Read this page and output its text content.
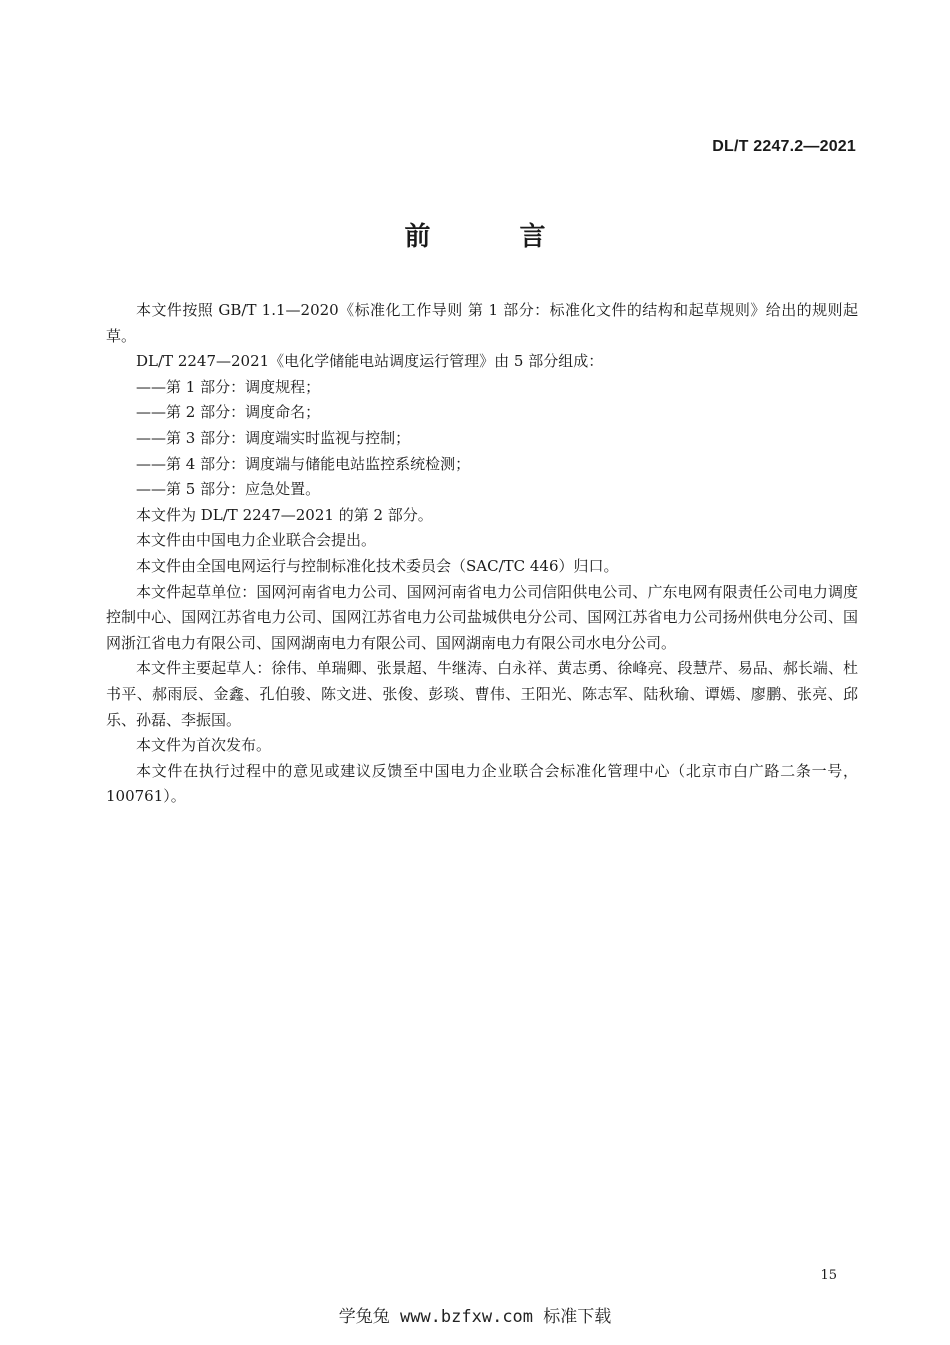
DL/T 2247.2—2021
前 言

本文件按照 GB/T 1.1—2020《标准化工作导则 第 1 部分：标准化文件的结构和起草规则》给出的规则起草。

DL/T 2247—2021《电化学储能电站调度运行管理》由 5 部分组成：

——第 1 部分：调度规程；

——第 2 部分：调度命名；

——第 3 部分：调度端实时监视与控制；

——第 4 部分：调度端与储能电站监控系统检测；

——第 5 部分：应急处置。

本文件为 DL/T 2247—2021 的第 2 部分。

本文件由中国电力企业联合会提出。

本文件由全国电网运行与控制标准化技术委员会（SAC/TC 446）归口。

本文件起草单位：国网河南省电力公司、国网河南省电力公司信阳供电公司、广东电网有限责任公司电力调度控制中心、国网江苏省电力公司、国网江苏省电力公司盐城供电分公司、国网江苏省电力公司扬州供电分公司、国网浙江省电力有限公司、国网湖南电力有限公司、国网湖南电力有限公司水电分公司。

本文件主要起草人：徐伟、单瑞卿、张景超、牛继涛、白永祥、黄志勇、徐峰亮、段慧芹、易品、郝长端、杜书平、郝雨辰、金鑫、孔伯骏、陈文进、张俊、彭琰、曹伟、王阳光、陈志军、陆秋瑜、谭嫣、廖鹏、张亮、邱乐、孙磊、李振国。

本文件为首次发布。

本文件在执行过程中的意见或建议反馈至中国电力企业联合会标准化管理中心（北京市白广路二条一号，100761）。

15
学兔兔 www.bzfxw.com 标准下载
